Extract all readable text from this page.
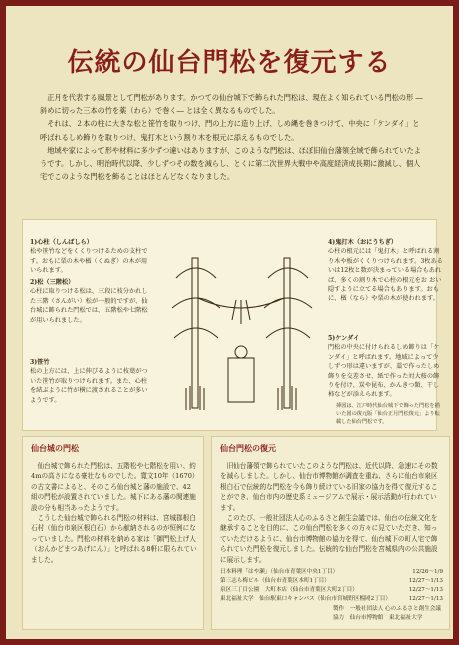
伝統の仙台門松を復元する

正月を代表する風景として門松があります。かつての仙台城下で飾られた門松は、現在よく知られている門松の形 ―斜めに切った三本の竹を薬（わら）で巻く― とは全く異なるものでした。

それは、２本の柱に大きな松と笹竹を取りつけ、門の上方に造り上げ、しめ縄を巻きつけて、中央に「ケンダイ」と呼ばれるしめ飾りを取りつけ、鬼打木という割り木を根元に添えるものでした。

地域や家によって形や材料に多少ずつ違いはありますが、このような門松は、ほぼ旧仙台藩領全域で飾られていたようです。しかし、明治時代以降、少しずつその数を減らし、とくに第二次世界大戦中や高度経済成長期に激減し、個人宅でこのような門松を飾ることはほとんどなくなりました。

1)心柱（しんばしら）
松や笹竹などをくくりつけるための支柱です。おもに栗の木や楢（くぬぎ）の木が用いられます。
2)松（三階松）
心柱に取りつける松は、三段に枝分かれした三階（さんがい）松が一般的ですが、仙台城に飾られた門松では、五階松や七階松が用いられました。
3)笹竹
松の上方には、上に伸びるように枝葉がついた笹竹が取りつけられます。また、心柱を結ぶように竹が横に渡されることが多いようです。
4)鬼打木（おにうちぎ）
心柱の根元には「鬼打木」と呼ばれる割り木や板がくくりつけられます。3枚あるいは12枚と数が決まっている場合もあれば、多くの割り木で心柱の根元をお おい隠すように立てる場合もあります。おもに、楢（なら）や栗の木が使われます。
5)ケンダイ
門松の中央に付けられるしめ飾りは「ケンダイ」と呼ばれます。地域によって少しずつ形は違いますが、藁で作ったしめ飾りを交差させ、紙で作った対大桜の飾りを付け、炭や昆布、かんきつ類、干し柿などが添えられます。
挿図は、江戸時代仙台城下で飾った門松を描いた図の復元版「仙台正月門松復元」より転載した仙台門松です。
仙台城の門松

仙台城で飾られた門松は、五階松や七階松を用い、約4mの高さになる豪壮なものでした。寛文10年（1670）の古文書によると、そのころ仙台城と藩の施設で、42組の門松が設置されていました。城下にある藩の関連施設の分も相当あったようです。

こうした仙台城で飾られる門松の材料は、宮城郡根白石村（仙台市泉区根白石）から献納されるのが恒例になっていました。門松の材料を納める家は「御門松上げ人（おんかどまつあげにん）」と呼ばれる8軒に限られていました。

仙台門松の復元

旧仙台藩領で飾られていたこのような門松は、近代以降、急速にその数を減らしました。しかし、仙台市博物館が調査を重ね、さらに仙台市泉区根白石で伝統的な門松を今も飾り続けている旧家の協力を得て復元することができ、仙台市内の歴史系ミュージアムで展示・展示活動が行われています。

このたび、一般社団法人心のふるさと創生会議では、仙台の伝統文化を継承することを目的に、この仙台門松を多くの方々に見ていただき、知っていただけるように、仙台市博物館の協力を得て、仙台城下の町人宅で飾られていた門松を復元しました。伝統的な仙台門松を宮城県内の公共施設に展示します。

日本料理「はや瀬」（仙台市青葉区中央1丁目）	12/26～1/9
第三志ら梅ビル（仙台市青葉区本町1丁目）	12/27～1/13
泉区三丁目公園　大町本店（仙台市青葉区大町2丁目）	12/27～1/13
東北福祉大学　仙台駅東口キャンパス（仙台市宮城野区榴岡2丁目）	12/27～1/13
製作　一般社団法人 心のふるさと創生会議
協力　仙台市博物館　東北福祉大学
